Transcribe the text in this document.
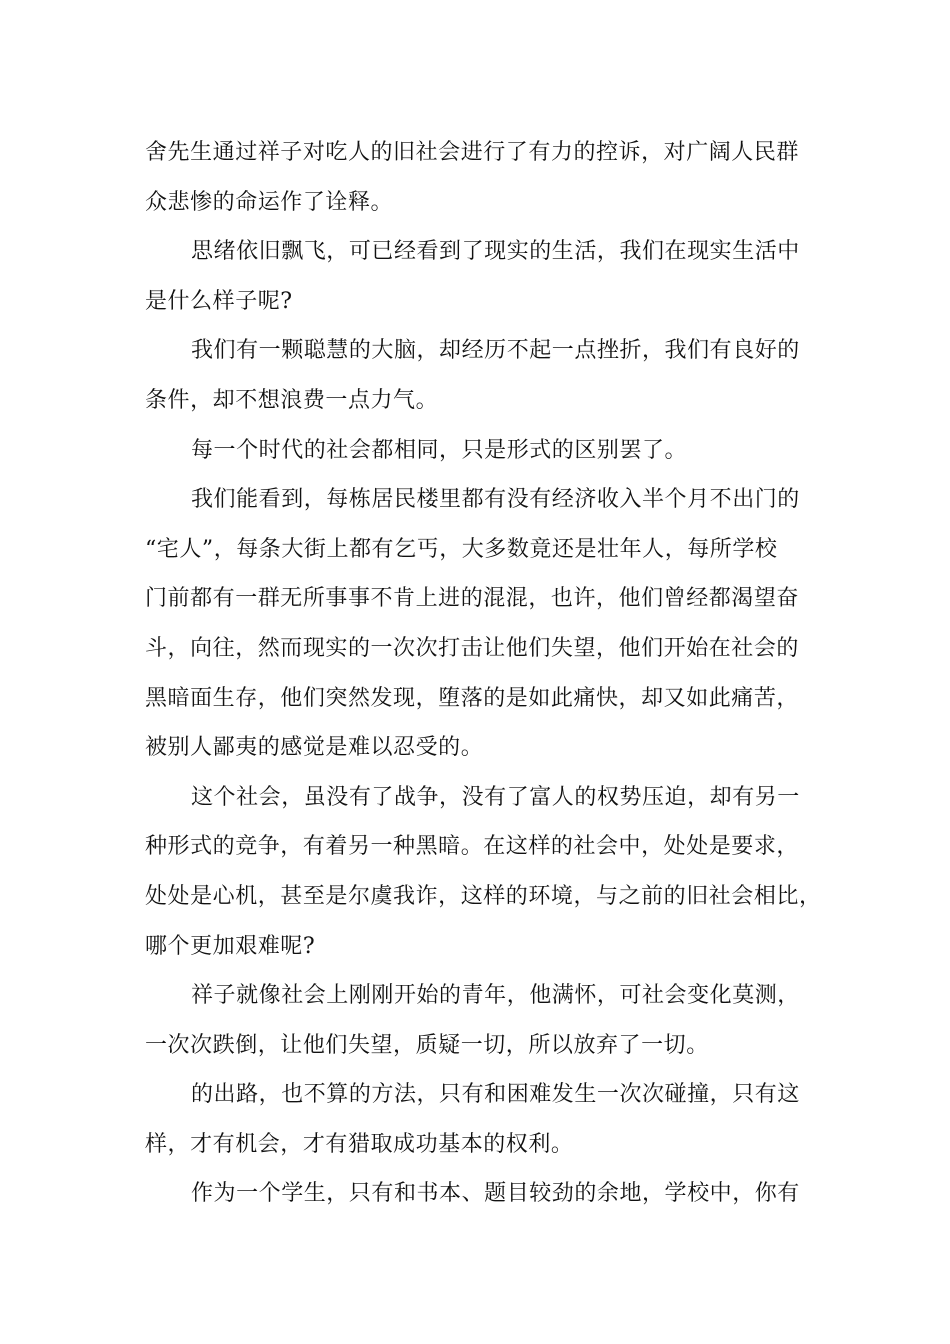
舍先生通过祥子对吃人的旧社会进行了有力的控诉，对广阔人民群
众悲惨的命运作了诠释。
思绪依旧飘飞，可已经看到了现实的生活，我们在现实生活中
是什么样子呢?
我们有一颗聪慧的大脑，却经历不起一点挫折，我们有良好的
条件，却不想浪费一点力气。
每一个时代的社会都相同，只是形式的区别罢了。
我们能看到，每栋居民楼里都有没有经济收入半个月不出门的
“宅人”，每条大街上都有乞丐，大多数竟还是壮年人，每所学校
门前都有一群无所事事不肯上进的混混，也许，他们曾经都渴望奋
斗，向往，然而现实的一次次打击让他们失望，他们开始在社会的
黑暗面生存，他们突然发现，堕落的是如此痛快，却又如此痛苦，
被别人鄙夷的感觉是难以忍受的。
这个社会，虽没有了战争，没有了富人的权势压迫，却有另一
种形式的竞争，有着另一种黑暗。在这样的社会中，处处是要求，
处处是心机，甚至是尔虞我诈，这样的环境，与之前的旧社会相比，
哪个更加艰难呢?
祥子就像社会上刚刚开始的青年，他满怀，可社会变化莫测，
一次次跌倒，让他们失望，质疑一切，所以放弃了一切。
的出路，也不算的方法，只有和困难发生一次次碰撞，只有这
样，才有机会，才有猎取成功基本的权利。
作为一个学生，只有和书本、题目较劲的余地，学校中，你有
